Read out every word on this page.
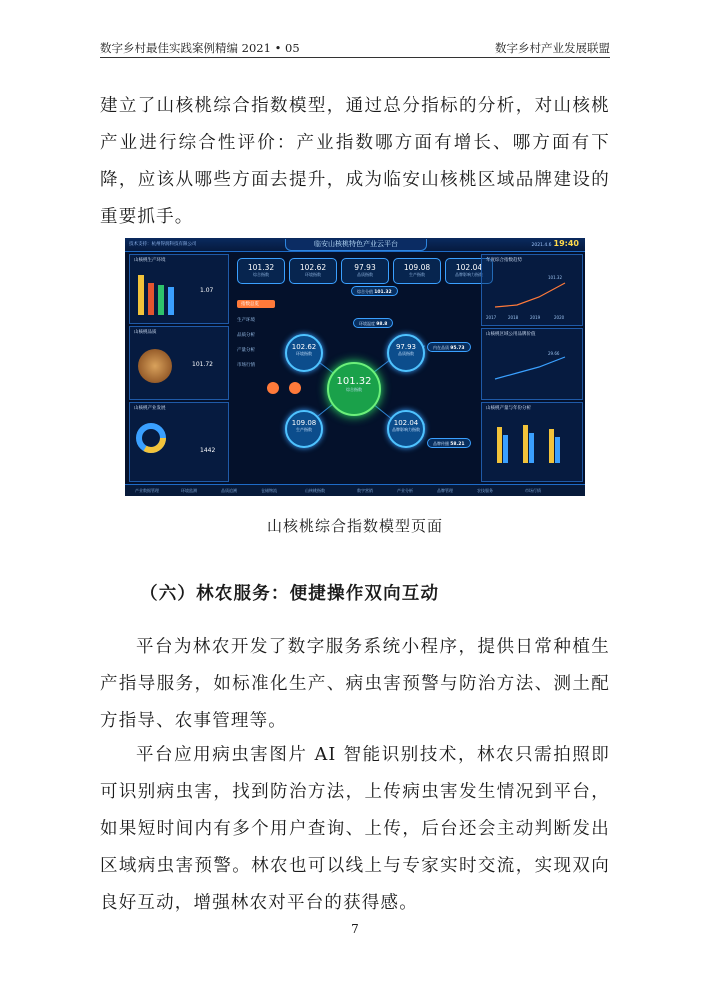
数字乡村最佳实践案例精编 2021 • 05	数字乡村产业发展联盟

建立了山核桃综合指数模型，通过总分指标的分析，对山核桃产业进行综合性评价：产业指数哪方面有增长、哪方面有下降，应该从哪些方面去提升，成为临安山核桃区域品牌建设的重要抓手。

技术支持：杭州得润科技有限公司	临安山核桃特色产业云平台	2021.4.6 19:40
山核桃生产环境
1.07
山核桃品质
101.72
山核桃产业发展
1442
101.32
综合指数
102.62
环境指数
97.93
品质指数
109.08
生产指数
102.04
品牌影响力指数
指数总览
生产环境
品质分析
产量分析
市场行情
101.32
综合指数
102.62
环境指数
97.93
品质指数
109.08
生产指数
102.04
品牌影响力指数
环境温度 98.8
内在品质 95.73
品牌传播 58.21
综合分值 101.32
年度综合指数趋势
101.32
2017	2018	2019	2020
山核桃区域公用品牌价值
29.66
山核桃产量与年份分析
产业数据管理	环境监测	品质追溯	仓储物流	山核桃指数	数字营销	产业分析	品牌管理	农技服务	市场行情
山核桃综合指数模型页面

（六）林农服务：便捷操作双向互动

平台为林农开发了数字服务系统小程序，提供日常种植生产指导服务，如标准化生产、病虫害预警与防治方法、测土配方指导、农事管理等。

平台应用病虫害图片 AI 智能识别技术，林农只需拍照即可识别病虫害，找到防治方法，上传病虫害发生情况到平台，如果短时间内有多个用户查询、上传，后台还会主动判断发出区域病虫害预警。林农也可以线上与专家实时交流，实现双向良好互动，增强林农对平台的获得感。

7
